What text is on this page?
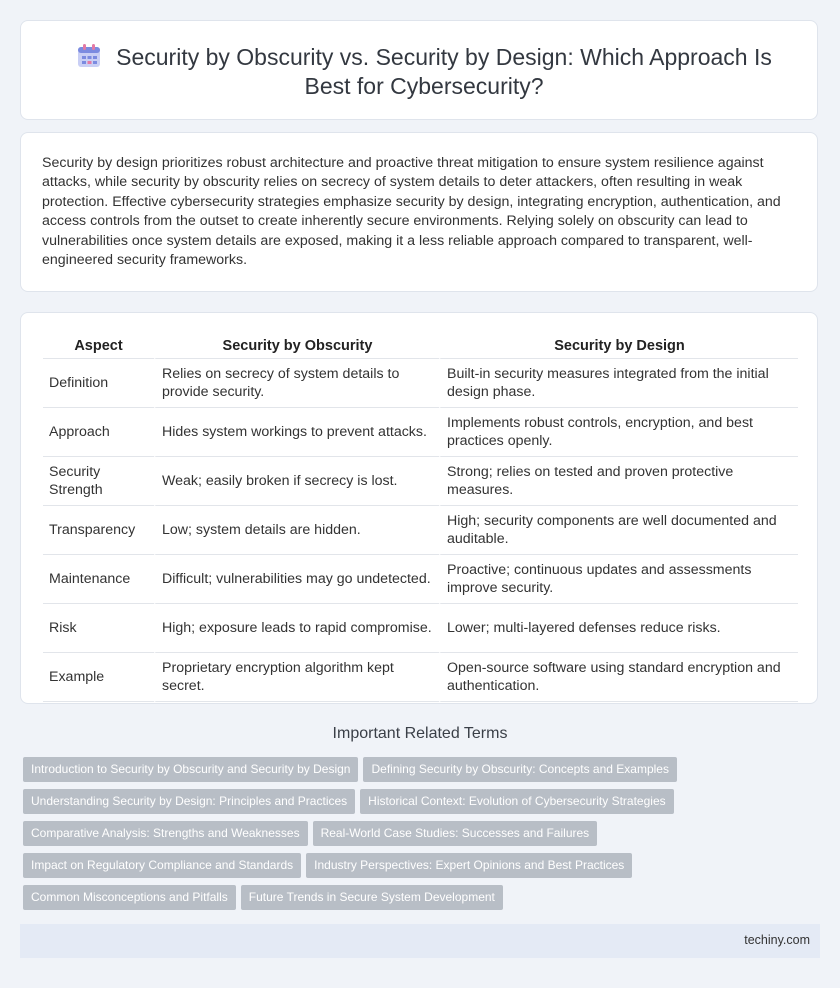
Security by Obscurity vs. Security by Design: Which Approach Is Best for Cybersecurity?
Security by design prioritizes robust architecture and proactive threat mitigation to ensure system resilience against attacks, while security by obscurity relies on secrecy of system details to deter attackers, often resulting in weak protection. Effective cybersecurity strategies emphasize security by design, integrating encryption, authentication, and access controls from the outset to create inherently secure environments. Relying solely on obscurity can lead to vulnerabilities once system details are exposed, making it a less reliable approach compared to transparent, well-engineered security frameworks.
Aspect	Security by Obscurity	Security by Design
Definition	Relies on secrecy of system details to provide security.	Built-in security measures integrated from the initial design phase.
Approach	Hides system workings to prevent attacks.	Implements robust controls, encryption, and best practices openly.
Security Strength	Weak; easily broken if secrecy is lost.	Strong; relies on tested and proven protective measures.
Transparency	Low; system details are hidden.	High; security components are well documented and auditable.
Maintenance	Difficult; vulnerabilities may go undetected.	Proactive; continuous updates and assessments improve security.
Risk	High; exposure leads to rapid compromise.	Lower; multi-layered defenses reduce risks.
Example	Proprietary encryption algorithm kept secret.	Open-source software using standard encryption and authentication.
Important Related Terms
Introduction to Security by Obscurity and Security by Design Defining Security by Obscurity: Concepts and Examples
Understanding Security by Design: Principles and Practices Historical Context: Evolution of Cybersecurity Strategies
Comparative Analysis: Strengths and Weaknesses Real-World Case Studies: Successes and Failures
Impact on Regulatory Compliance and Standards Industry Perspectives: Expert Opinions and Best Practices
Common Misconceptions and Pitfalls Future Trends in Secure System Development
techiny.com
